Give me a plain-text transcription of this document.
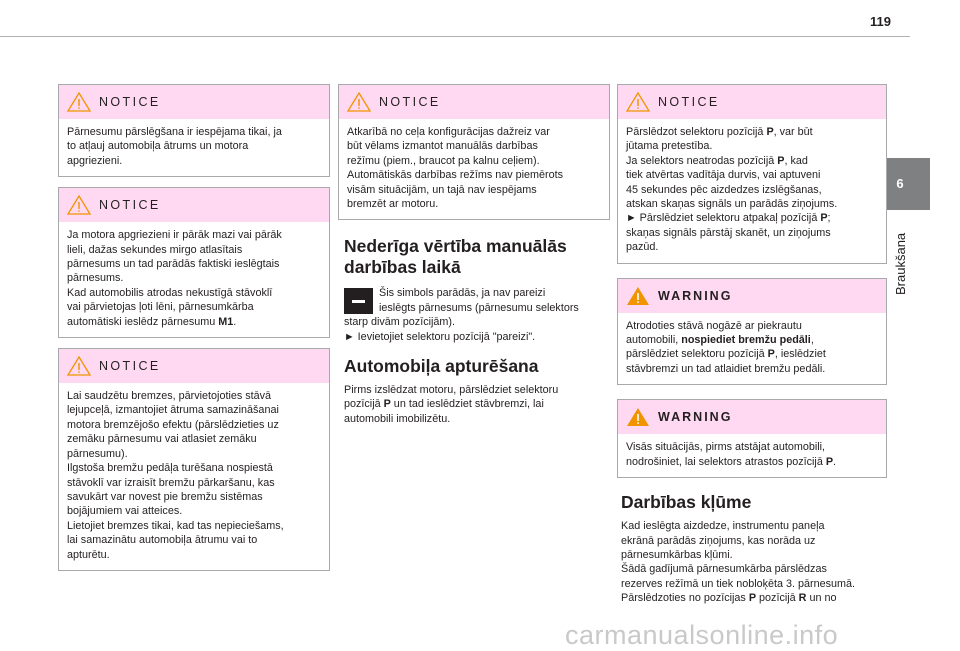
119
6
Braukšana
NOTICE

Pārnesumu pārslēgšana ir iespējama tikai, ja

to atļauj automobiļa ātrums un motora

apgriezieni.

NOTICE

Ja motora apgriezieni ir pārāk mazi vai pārāk

lieli, dažas sekundes mirgo atlasītais

pārnesums un tad parādās faktiski ieslēgtais

pārnesums.

Kad automobilis atrodas nekustīgā stāvoklī

vai pārvietojas ļoti lēni, pārnesumkārba

automātiski ieslēdz pārnesumu M1.

NOTICE

Lai saudzētu bremzes, pārvietojoties stāvā

lejupceļā, izmantojiet ātruma samazināšanai

motora bremzējošo efektu (pārslēdzieties uz

zemāku pārnesumu vai atlasiet zemāku

pārnesumu).

Ilgstoša bremžu pedāļa turēšana nospiestā

stāvoklī var izraisīt bremžu pārkaršanu, kas

savukārt var novest pie bremžu sistēmas

bojājumiem vai atteices.

Lietojiet bremzes tikai, kad tas nepieciešams,

lai samazinātu automobiļa ātrumu vai to

apturētu.

NOTICE

Atkarībā no ceļa konfigurācijas dažreiz var

būt vēlams izmantot manuālās darbības

režīmu (piem., braucot pa kalnu ceļiem).

Automātiskās darbības režīms nav piemērots

visām situācijām, un tajā nav iespējams

bremzēt ar motoru.

Nederīga vērtība manuālās
darbības laikā

Šis simbols parādās, ja nav pareizi

ieslēgts pārnesums (pārnesumu selektors

starp divām pozīcijām).

► Ievietojiet selektoru pozīcijā "pareizi".

Automobiļa apturēšana

Pirms izslēdzat motoru, pārslēdziet selektoru

pozīcijā P un tad ieslēdziet stāvbremzi, lai

automobili imobilizētu.

NOTICE

Pārslēdzot selektoru pozīcijā P, var būt

jūtama pretestība.

Ja selektors neatrodas pozīcijā P, kad

tiek atvērtas vadītāja durvis, vai aptuveni

45 sekundes pēc aizdedzes izslēgšanas,

atskan skaņas signāls un parādās ziņojums.

► Pārslēdziet selektoru atpakaļ pozīcijā P;

skaņas signāls pārstāj skanēt, un ziņojums

pazūd.

WARNING

Atrodoties stāvā nogāzē ar piekrautu

automobili, nospiediet bremžu pedāli,

pārslēdziet selektoru pozīcijā P, ieslēdziet

stāvbremzi un tad atlaidiet bremžu pedāli.

WARNING

Visās situācijās, pirms atstājat automobili,

nodrošiniet, lai selektors atrastos pozīcijā P.

Darbības kļūme

Kad ieslēgta aizdedze, instrumentu paneļa

ekrānā parādās ziņojums, kas norāda uz

pārnesumkārbas kļūmi.

Šādā gadījumā pārnesumkārba pārslēdzas

rezerves režīmā un tiek nobloķēta 3. pārnesumā.

Pārslēdzoties no pozīcijas P pozīcijā R un no

carmanualsonline.info
